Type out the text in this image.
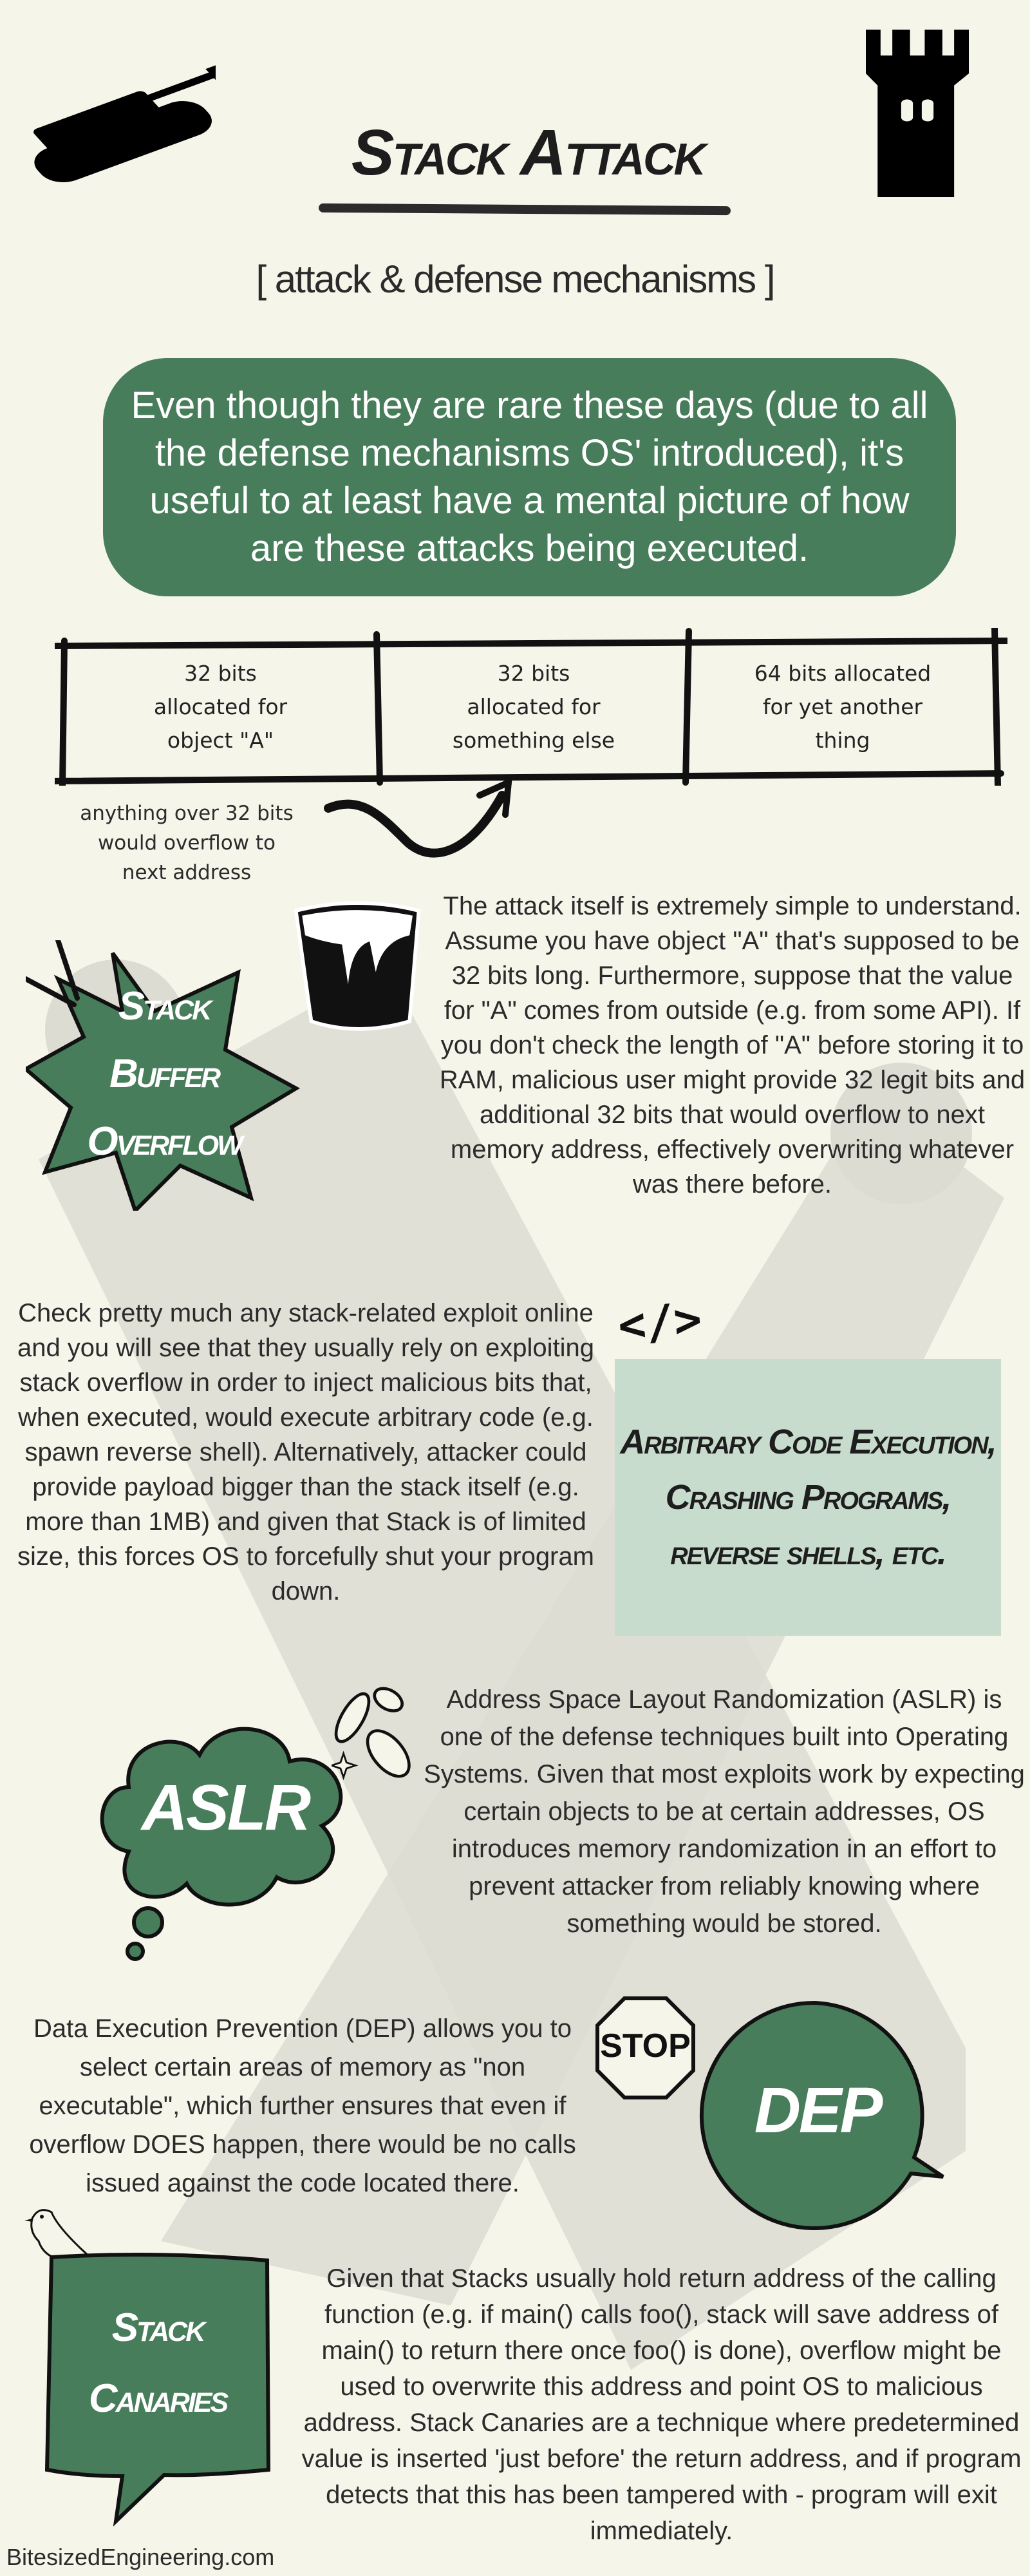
Stack Attack
[ attack & defense mechanisms ]
Even though they are rare these days (due to all the defense mechanisms OS' introduced), it's useful to at least have a mental picture of how are these attacks being executed.
32 bits
allocated for
object "A"
32 bits
allocated for
something else
64 bits allocated
for yet another
thing
anything over 32 bits
would overflow to
next address
Stack
Buffer
Overflow
The attack itself is extremely simple to understand. Assume you have object "A" that's supposed to be 32 bits long. Furthermore, suppose that the value for "A" comes from outside (e.g. from some API). If you don't check the length of "A" before storing it to RAM, malicious user might provide 32 legit bits and additional 32 bits that would overflow to next memory address, effectively overwriting whatever was there before.
Check pretty much any stack-related exploit online and you will see that they usually rely on exploiting stack overflow in order to inject malicious bits that, when executed, would execute arbitrary code (e.g. spawn reverse shell). Alternatively, attacker could provide payload bigger than the stack itself (e.g. more than 1MB) and given that Stack is of limited size, this forces OS to forcefully shut your program down.
</>
Arbitrary Code Execution, Crashing Programs, reverse shells, etc.
ASLR
Address Space Layout Randomization (ASLR) is one of the defense techniques built into Operating Systems. Given that most exploits work by expecting certain objects to be at certain addresses, OS introduces memory randomization in an effort to prevent attacker from reliably knowing where something would be stored.
Data Execution Prevention (DEP) allows you to select certain areas of memory as "non executable", which further ensures that even if overflow DOES happen, there would be no calls issued against the code located there.
STOP
DEP
Stack
Canaries
Given that Stacks usually hold return address of the calling function (e.g. if main() calls foo(), stack will save address of main() to return there once foo() is done), overflow might be used to overwrite this address and point OS to malicious address. Stack Canaries are a technique where predetermined value is inserted 'just before' the return address, and if program detects that this has been tampered with - program will exit immediately.
BitesizedEngineering.com
